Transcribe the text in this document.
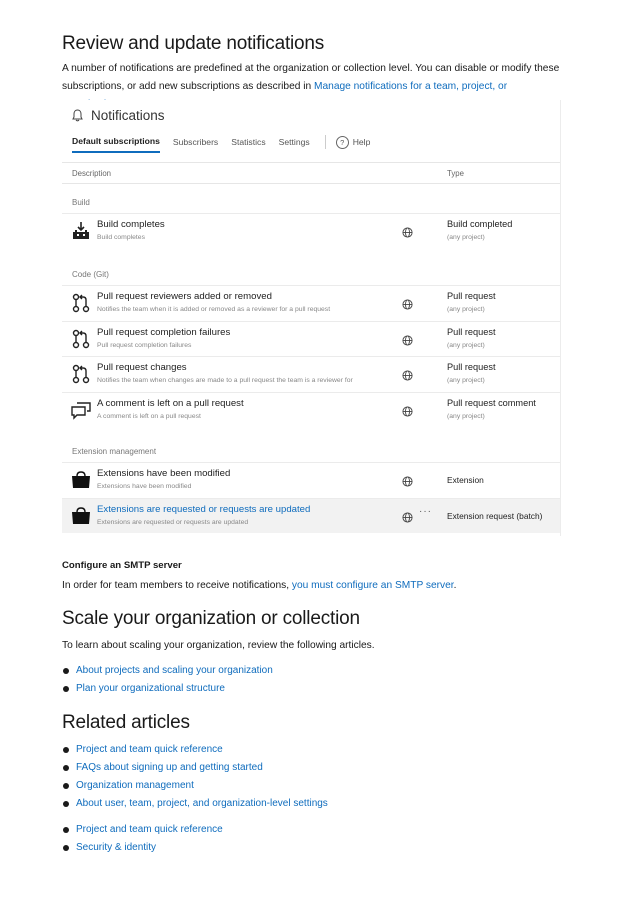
Review and update notifications

A number of notifications are predefined at the organization or collection level. You can disable or modify these subscriptions, or add new subscriptions as described in Manage notifications for a team, project, or

Configure an SMTP server

In order for team members to receive notifications, you must configure an SMTP server.

Scale your organization or collection

To learn about scaling your organization, review the following articles.

About projects and scaling your organization
Plan your organizational structure
Related articles
Project and team quick reference
FAQs about signing up and getting started
Organization management
About user, team, project, and organization-level settings
Project and team quick reference
Security & identity
Notifications
Default subscriptions Subscribers Statistics Settings	? Help
Description	Type
Build
Build completes
Build completes
Build completed
(any project)
Code (Git)
Pull request reviewers added or removed
Notifies the team when it is added or removed as a reviewer for a pull request
Pull request
(any project)
Pull request completion failures
Pull request completion failures
Pull request
(any project)
Pull request changes
Notifies the team when changes are made to a pull request the team is a reviewer for
Pull request
(any project)
A comment is left on a pull request
A comment is left on a pull request
Pull request comment
(any project)
Extension management
Extensions have been modified
Extensions have been modified
Extension
Extensions are requested or requests are updated
Extensions are requested or requests are updated
··· Extension request (batch)
